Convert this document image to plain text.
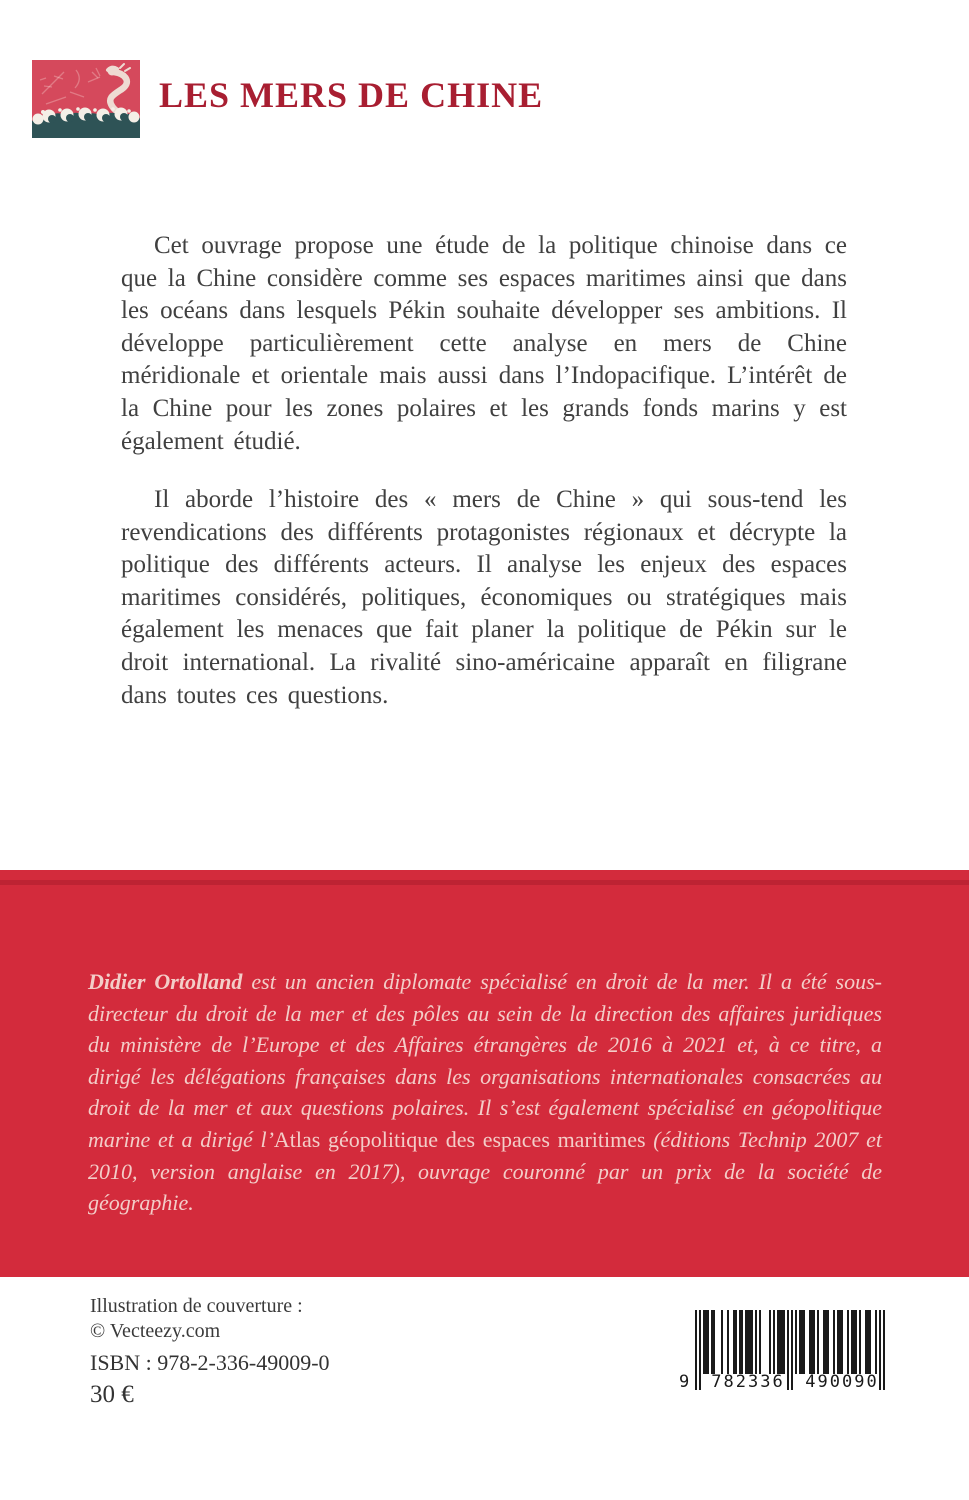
LES MERS DE CHINE

Cet ouvrage propose une étude de la politique chinoise dans ce que la Chine considère comme ses espaces maritimes ainsi que dans les océans dans lesquels Pékin souhaite développer ses ambitions. Il développe particulièrement cette analyse en mers de Chine méridionale et orientale mais aussi dans l’Indopacifique. L’intérêt de la Chine pour les zones polaires et les grands fonds marins y est également étudié.

Il aborde l’histoire des « mers de Chine » qui sous-tend les revendications des différents protagonistes régionaux et décrypte la politique des différents acteurs. Il analyse les enjeux des espaces maritimes considérés, politiques, économiques ou stratégiques mais également les menaces que fait planer la politique de Pékin sur le droit international. La rivalité sino-américaine apparaît en filigrane dans toutes ces questions.

Didier Ortolland est un ancien diplomate spécialisé en droit de la mer. Il a été sous-directeur du droit de la mer et des pôles au sein de la direction des affaires juridiques du ministère de l’Europe et des Affaires étrangères de 2016 à 2021 et, à ce titre, a dirigé les délégations françaises dans les organisations internationales consacrées au droit de la mer et aux questions polaires. Il s’est également spécialisé en géopolitique marine et a dirigé l’Atlas géopolitique des espaces maritimes (éditions Technip 2007 et 2010, version anglaise en 2017), ouvrage couronné par un prix de la société de géographie.

Illustration de couverture :
© Vecteezy.com
ISBN : 978-2-336-49009-0
30 €	9	782336	490090
